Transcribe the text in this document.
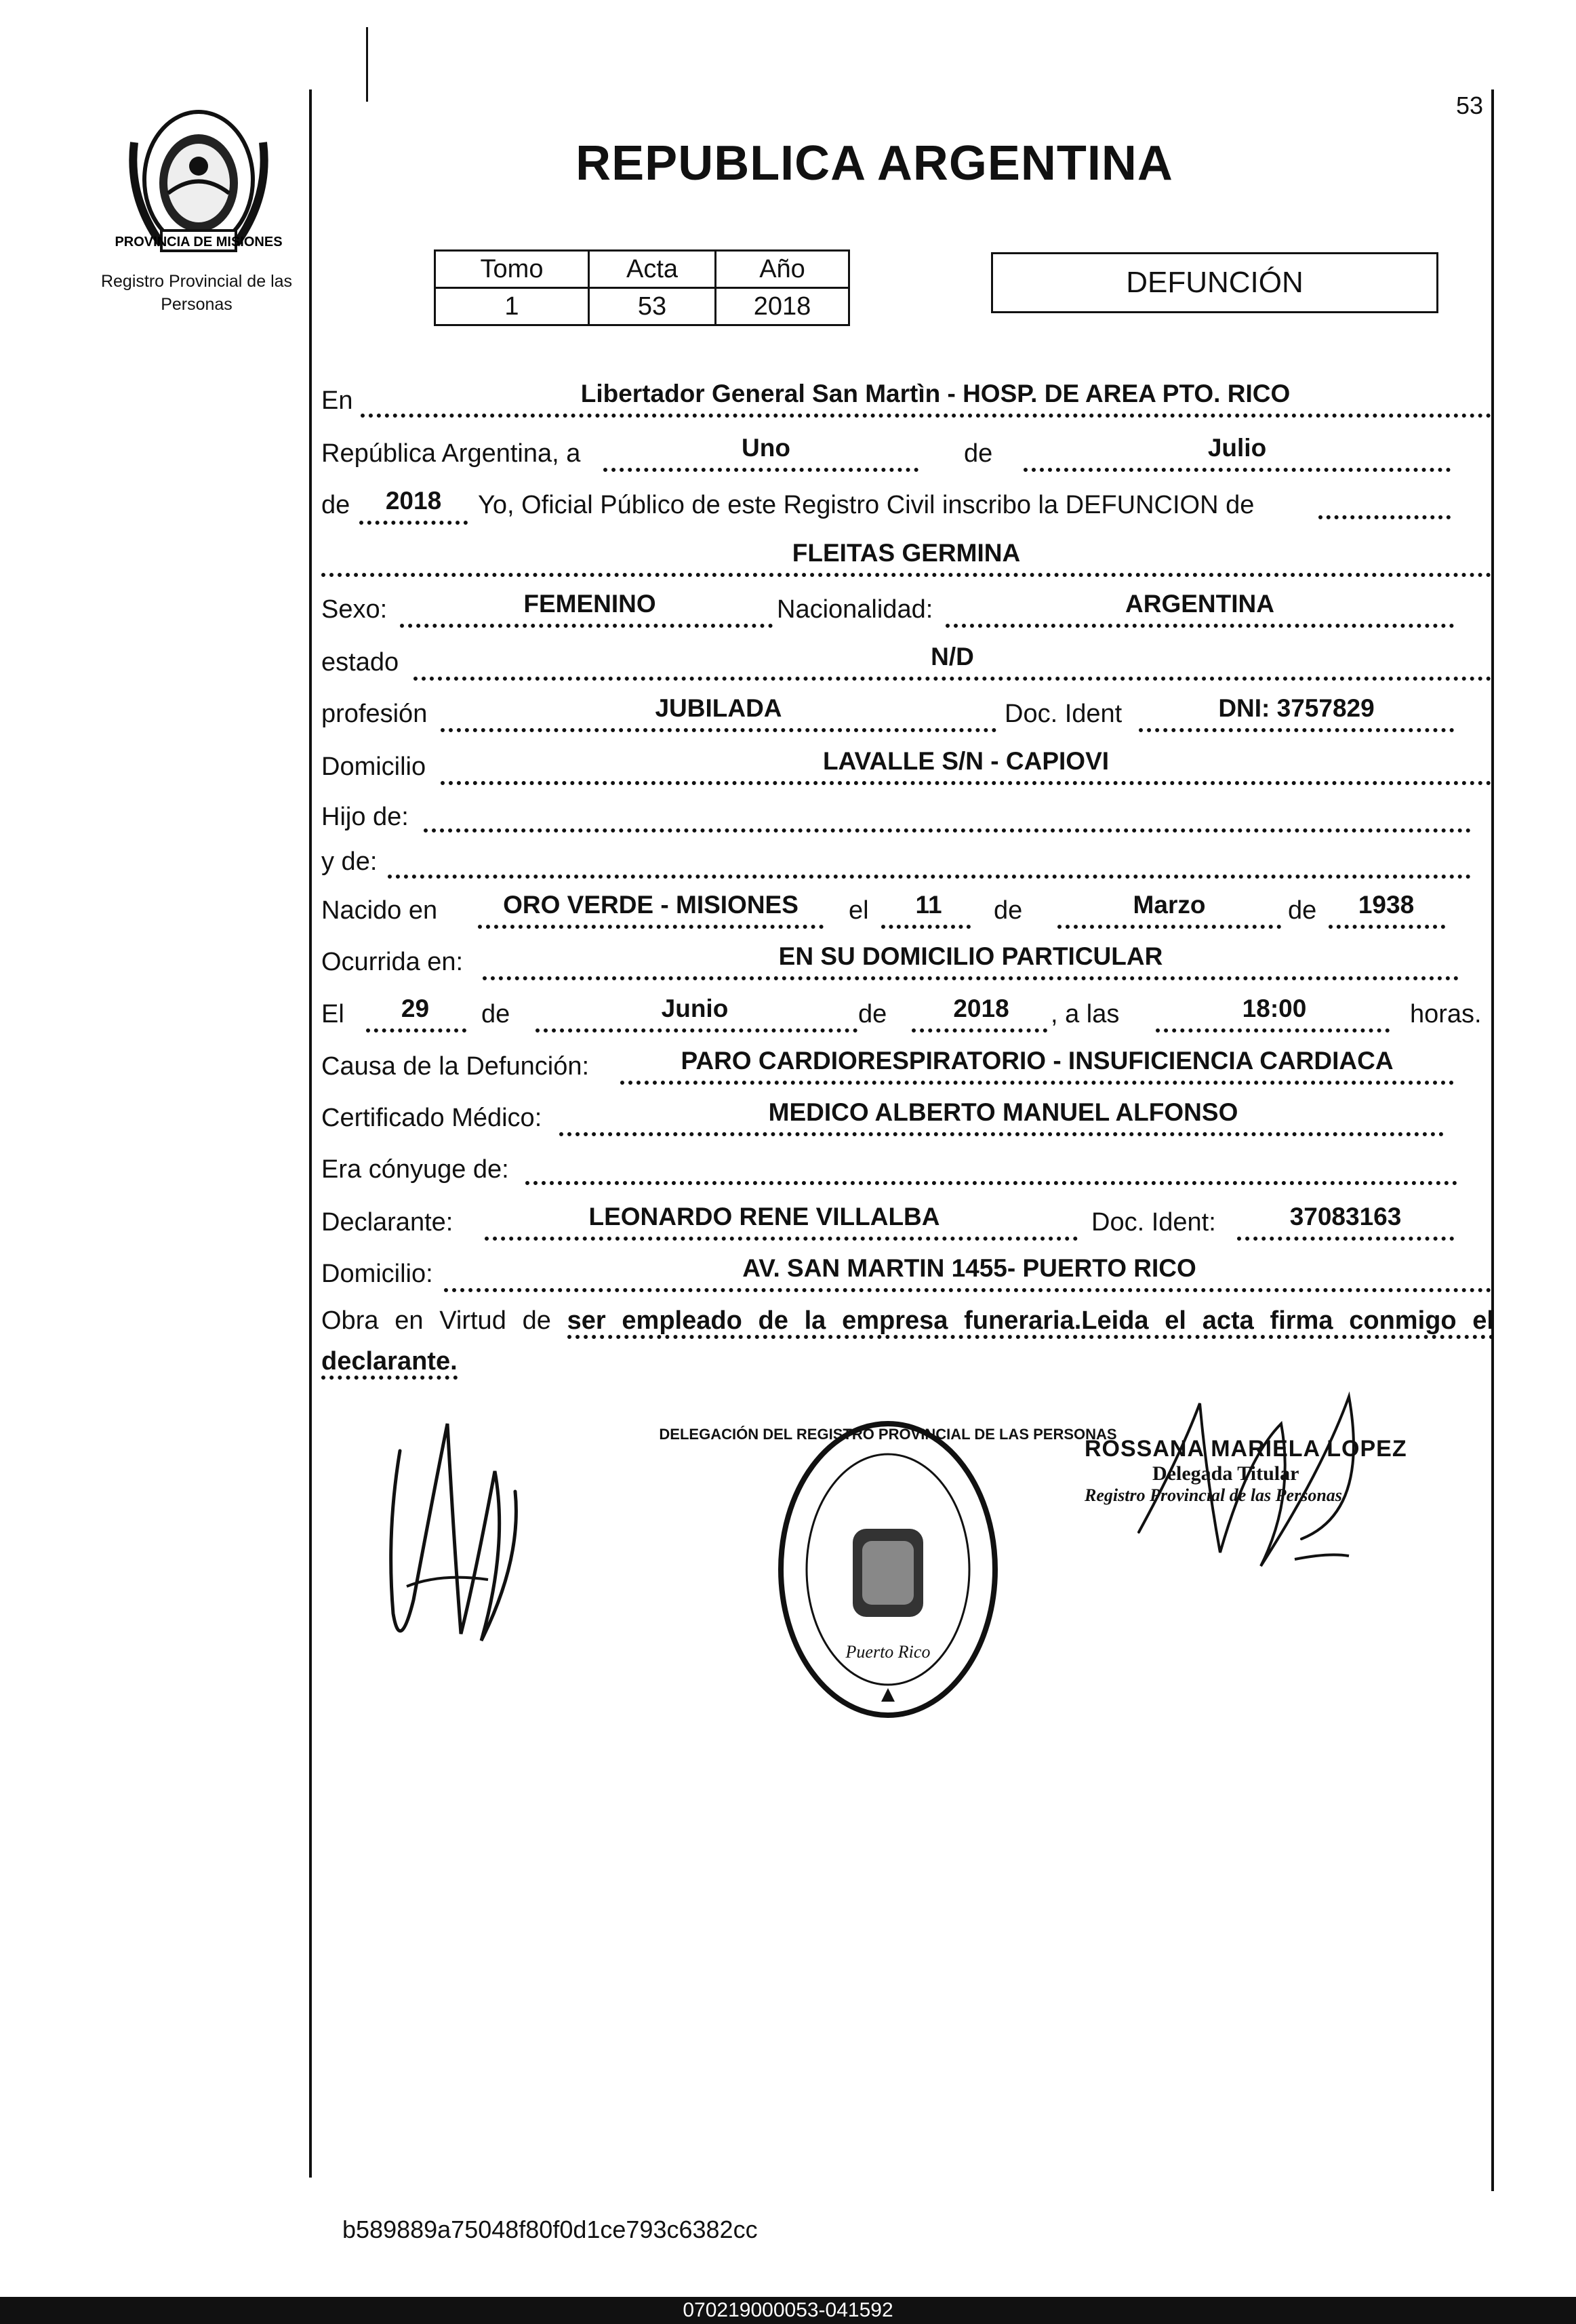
PROVINCIA DE MISIONES
Registro Provincial de las Personas
53
REPUBLICA ARGENTINA
Tomo	Acta	Año
1	53	2018
DEFUNCIÓN
En	Libertador General San Martìn - HOSP. DE AREA PTO. RICO
República Argentina, a	Uno	de	Julio
de	2018	Yo, Oficial Público de este Registro Civil inscribo la DEFUNCION de
FLEITAS GERMINA
Sexo:	FEMENINO	Nacionalidad:	ARGENTINA
estado	N/D
profesión	JUBILADA	Doc. Ident	DNI: 3757829
Domicilio	LAVALLE S/N - CAPIOVI
Hijo de:
y de:
Nacido en	ORO VERDE - MISIONES	el	11	de	Marzo	de	1938
Ocurrida en:	EN SU DOMICILIO PARTICULAR
El	29	de	Junio	de	2018	, a las	18:00	horas.
Causa de la Defunción:	PARO CARDIORESPIRATORIO - INSUFICIENCIA CARDIACA
Certificado Médico:	MEDICO ALBERTO MANUEL ALFONSO
Era cónyuge de:
Declarante:	LEONARDO RENE VILLALBA	Doc. Ident:	37083163
Domicilio:	AV. SAN MARTIN 1455- PUERTO RICO
Obra en Virtud de ser empleado de la empresa funeraria.Leida el acta firma conmigo el declarante.
Puerto Rico
DELEGACIÓN DEL REGISTRO PROVINCIAL DE LAS PERSONAS
ROSSANA MARIELA LOPEZ
Delegada Titular
Registro Provincial de las Personas
b589889a75048f80f0d1ce793c6382cc
070219000053-041592
